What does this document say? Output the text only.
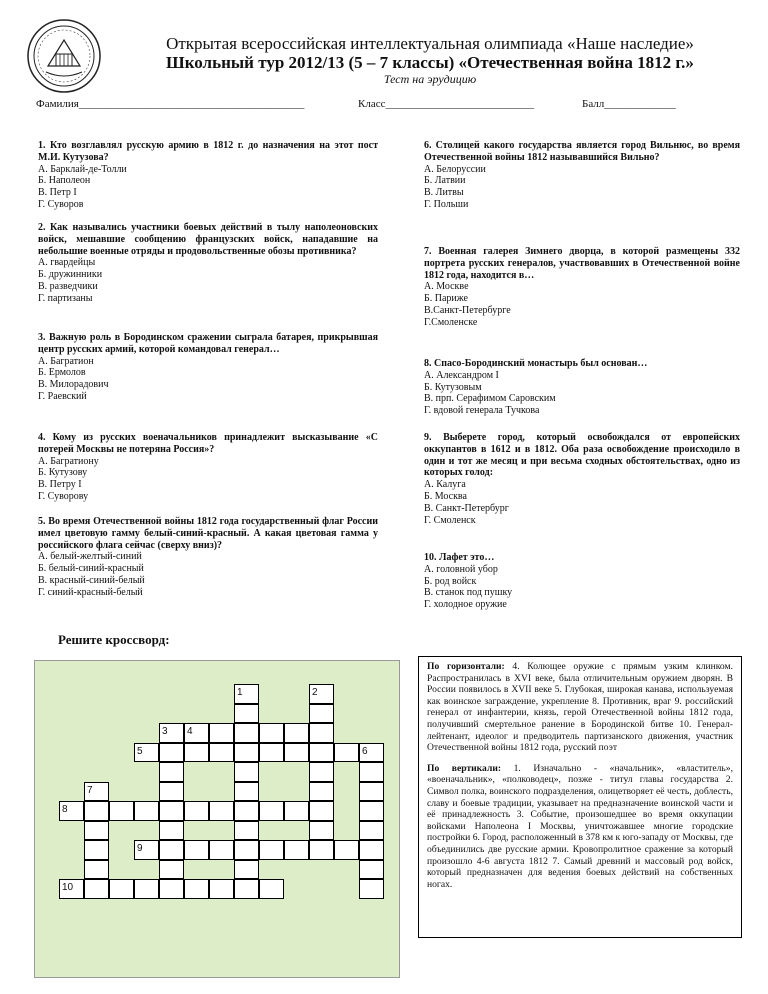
Открытая всероссийская интеллектуальная олимпиада «Наше наследие»
Школьный тур 2012/13 (5 – 7 классы) «Отечественная война 1812 г.»
Тест на эрудицию
Фамилия_________________________________________	Класс___________________________	Балл_____________
1. Кто возглавлял русскую армию в 1812 г. до назначения на этот пост М.И. Кутузова?
А. Барклай-де-Толли
Б. Наполеон
В. Петр I
Г. Суворов
2. Как назывались участники боевых действий в тылу наполеоновских войск, мешавшие сообщению французских войск, нападавшие на небольшие военные отряды и продовольственные обозы противника?
А. гвардейцы
Б. дружинники
В. разведчики
Г. партизаны
3. Важную роль в Бородинском сражении сыграла батарея, прикрывшая центр русских армий, которой командовал генерал…
А. Багратион
Б. Ермолов
В. Милорадович
Г. Раевский
4. Кому из русских военачальников принадлежит высказывание «С потерей Москвы не потеряна Россия»?
А. Багратиону
Б. Кутузову
В. Петру I
Г. Суворову
5. Во время Отечественной войны 1812 года государственный флаг России имел цветовую гамму белый-синий-красный. А какая цветовая гамма у российского флага сейчас (сверху вниз)?
А. белый-желтый-синий
Б. белый-синий-красный
В. красный-синий-белый
Г. синий-красный-белый
6. Столицей какого государства является город Вильнюс, во время Отечественной войны 1812 называвшийся Вильно?
А. Белоруссии
Б. Латвии
В. Литвы
Г. Польши
7. Военная галерея Зимнего дворца, в которой размещены 332 портрета русских генералов, участвовавших в Отечественной войне 1812 года, находится в…
А. Москве
Б. Париже
В.Санкт-Петербурге
Г.Смоленске
8. Спасо-Бородинский монастырь был основан…
А. Александром I
Б. Кутузовым
В. прп. Серафимом Саровским
Г. вдовой генерала Тучкова
9. Выберете город, который освобождался от европейских оккупантов в 1612 и в 1812. Оба раза освобождение происходило в один и тот же месяц и при весьма сходных обстоятельствах, одно из которых голод:
А. Калуга
Б. Москва
В. Санкт-Петербург
Г. Смоленск
10. Лафет это…
А. головной убор
Б. род войск
В. станок под пушку
Г. холодное оружие
Решите кроссворд:
1	2
3	4
5	6
7
8
9
10
По горизонтали: 4. Колющее оружие с прямым узким клинком. Распространилась в XVI веке, была отличительным оружием дворян. В России появилось в XVII веке 5. Глубокая, широкая канава, используемая как воинское заграждение, укрепление 8. Противник, враг 9. российский генерал от инфантерии, князь, герой Отечественной войны 1812 года, получивший смертельное ранение в Бородинской битве 10. Генерал-лейтенант, идеолог и предводитель партизанского движения, участник Отечественной войны 1812 года, русский поэт
По вертикали: 1. Изначально - «начальник», «властитель», «военачальник», «полководец», позже - титул главы государства 2. Символ полка, воинского подразделения, олицетворяет её честь, доблесть, славу и боевые традиции, указывает на предназначение воинской части и её принадлежность 3. Событие, произошедшее во время оккупации войсками Наполеона I Москвы, уничтожавшее многие городские постройки 6. Город, расположенный в 378 км к юго-западу от Москвы, где объединились две русские армии. Кровопролитное сражение за который произошло 4-6 августа 1812 7. Самый древний и массовый род войск, который предназначен для ведения боевых действий на собственных ногах.
